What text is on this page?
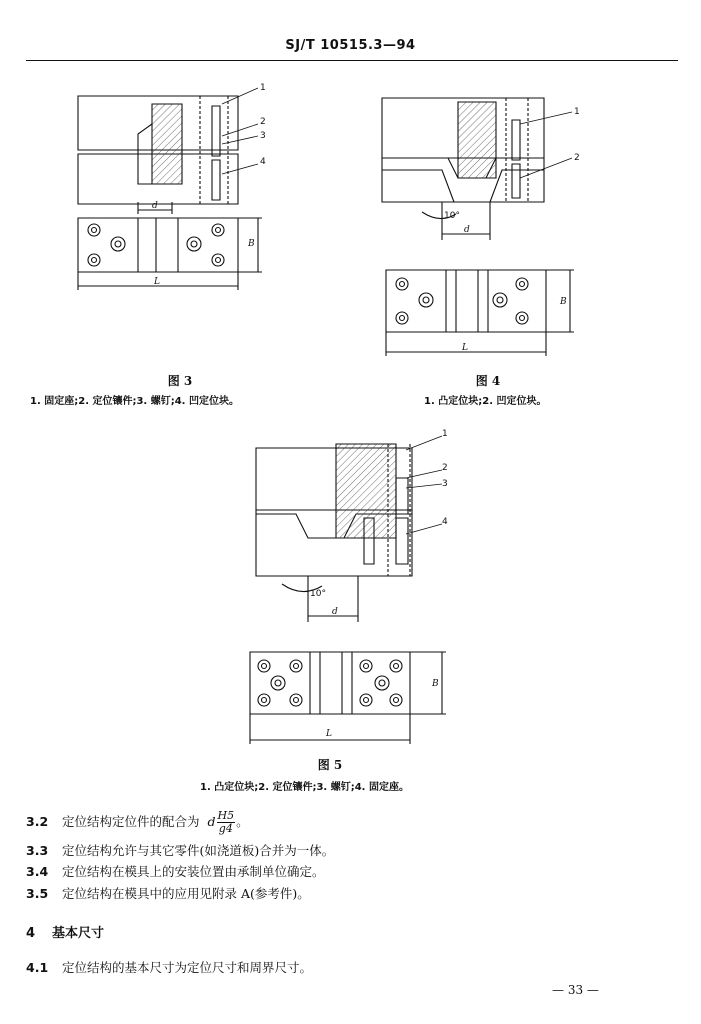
SJ/T 10515.3—94
1
2
3
4
d
L
B
图 3
1. 固定座;2. 定位镶件;3. 螺钉;4. 凹定位块。
1
2
10°
d
L
B
图 4
1. 凸定位块;2. 凹定位块。
1
2
3
4
10°
d
L
B
图 5
1. 凸定位块;2. 定位镶件;3. 螺钉;4. 固定座。
3.2 定位结构定位件的配合为 d $\frac{H5}{g4}$ 。
3.3 定位结构允许与其它零件(如浇道板)合并为一体。
3.4 定位结构在模具上的安装位置由承制单位确定。
3.5 定位结构在模具中的应用见附录 A(参考件)。
4 基本尺寸
4.1 定位结构的基本尺寸为定位尺寸和周界尺寸。
— 33 —
